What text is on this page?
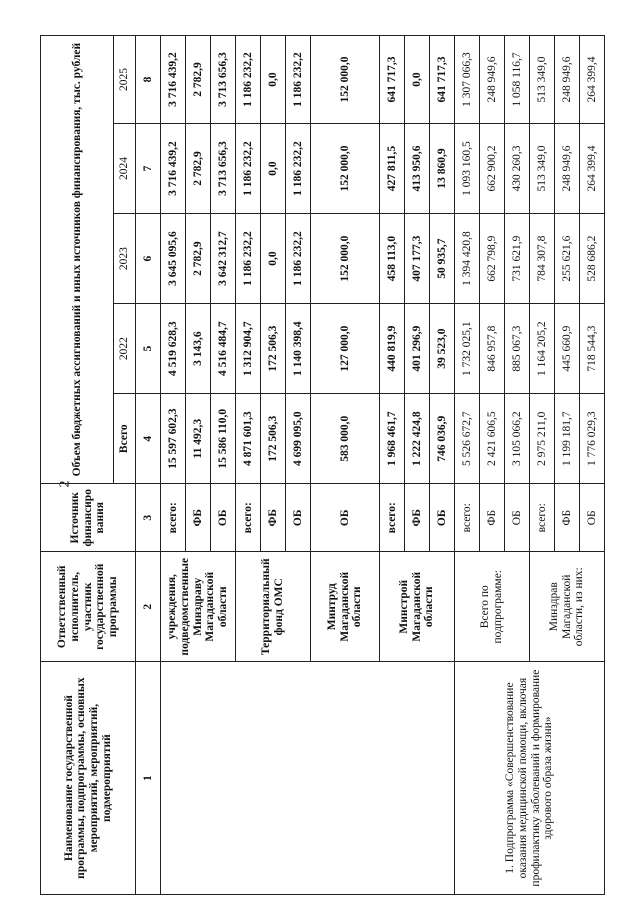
2
Наименование государственной программы, подпрограммы, основных мероприятий, мероприятий, подмероприятий	Ответственный исполнитель, участник государственной программы	Источник финансиро вания	Объем бюджетных ассигнований и иных источников финансирования, тыс. рублей				
			Всего	2022	2023	2024	2025
1	2	3	4	5	6	7	8
	учреждения, подведомственные Минздраву Магаданской области	всего:	15 597 602,3	4 519 628,3	3 645 095,6	3 716 439,2	3 716 439,2
		ФБ	11 492,3	3 143,6	2 782,9	2 782,9	2 782,9
		ОБ	15 586 110,0	4 516 484,7	3 642 312,7	3 713 656,3	3 713 656,3
	Территориальный фонд ОМС	всего:	4 871 601,3	1 312 904,7	1 186 232,2	1 186 232,2	1 186 232,2
		ФБ	172 506,3	172 506,3	0,0	0,0	0,0
		ОБ	4 699 095,0	1 140 398,4	1 186 232,2	1 186 232,2	1 186 232,2
	Минтруд Магаданской области	ОБ	583 000,0	127 000,0	152 000,0	152 000,0	152 000,0
	Минстрой Магаданской области	всего:	1 968 461,7	440 819,9	458 113,0	427 811,5	641 717,3
		ФБ	1 222 424,8	401 296,9	407 177,3	413 950,6	0,0
		ОБ	746 036,9	39 523,0	50 935,7	13 860,9	641 717,3
1. Подпрограмма «Совершенствование оказания медицинской помощи, включая профилактику заболеваний и формирование здорового образа жизни»	Всего по подпрограмме:	всего:	5 526 672,7	1 732 025,1	1 394 420,8	1 093 160,5	1 307 066,3
		ФБ	2 421 606,5	846 957,8	662 798,9	662 900,2	248 949,6
		ОБ	3 105 066,2	885 067,3	731 621,9	430 260,3	1 058 116,7
	Минздрав Магаданской области, из них:	всего:	2 975 211,0	1 164 205,2	784 307,8	513 349,0	513 349,0
		ФБ	1 199 181,7	445 660,9	255 621,6	248 949,6	248 949,6
		ОБ	1 776 029,3	718 544,3	528 686,2	264 399,4	264 399,4
